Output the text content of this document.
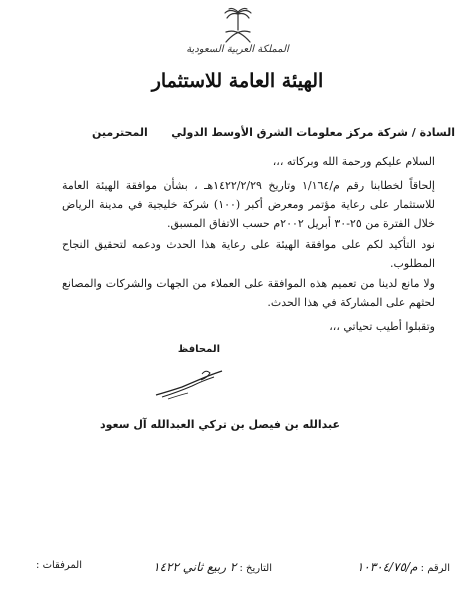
المملكة العربية السعودية
الهيئة العامة للاستثمار
السادة / شركة مركز معلومات الشرق الأوسط الدولي
المحترمين
السلام عليكم ورحمة الله وبركاته ،،،
إلحاقاً لخطابنا رقم م/١/١٦٤ وتاريخ ١٤٢٢/٢/٢٩هـ ، بشأن موافقة الهيئة العامة للاستثمار على رعاية مؤتمر ومعرض أكبر (١٠٠) شركة خليجية في مدينة الرياض خلال الفترة من ٢٥-٣٠ أبريل ٢٠٠٢م حسب الاتفاق المسبق.
نود التأكيد لكم على موافقة الهيئة على رعاية هذا الحدث ودعمه لتحقيق النجاح المطلوب.
ولا مانع لدينا من تعميم هذه الموافقة على العملاء من الجهات والشركات والمصانع لحثهم على المشاركة في هذا الحدث.
وتقبلوا أطيب تحياتي ،،،
المحافظ
عبدالله بن فيصل بن تركي العبدالله آل سعود
الرقم : م/١٠٣٠٤/٧٥
التاريخ : ٢ ربيع ثاني ١٤٢٢
المرفقات :
